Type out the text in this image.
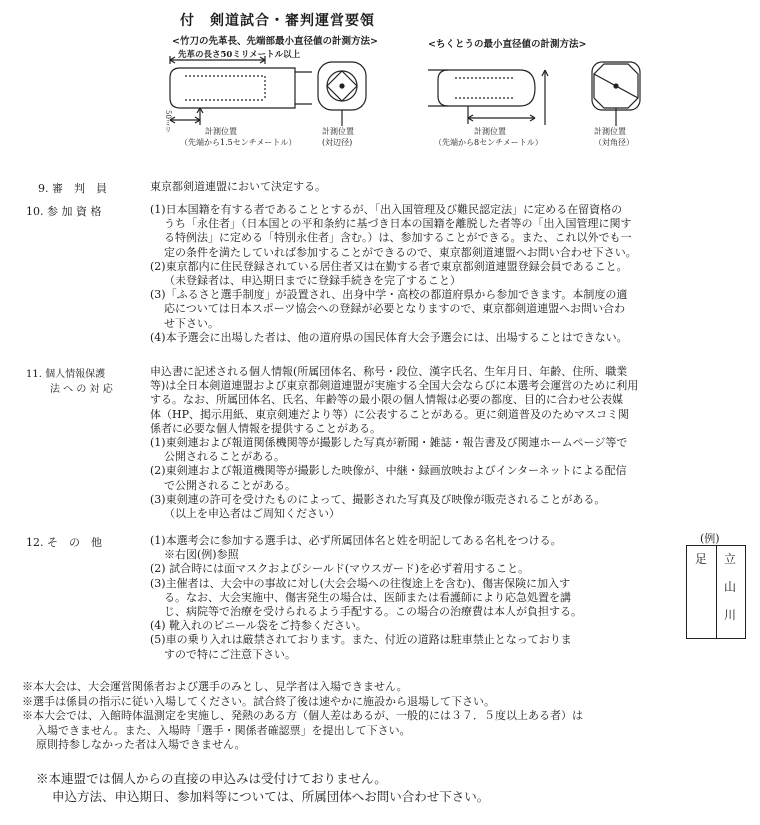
付　剣道試合・審判運営要領
<竹刀の先革長、先端部最小直径値の計測方法>
先革の長さ50ミリメートル以上
50ミリ	計測位置
（先端から1.5センチメートル）
計測位置
(対辺径)
<ちくとうの最小直径値の計測方法>
計測位置
（先端から8センチメートル）
計測位置
（対角径）
9. 審　判　員	東京都剣道連盟において決定する。
10. 参 加 資 格	(1)日本国籍を有する者であることとするが、「出入国管理及び難民認定法」に定める在留資格の
うち「永住者」（日本国との平和条約に基づき日本の国籍を離脱した者等の「出入国管理に関す
る特例法」に定める「特別永住者」含む。）は、参加することができる。また、これ以外でも一
定の条件を満たしていれば参加することができるので、東京都剣道連盟へお問い合わせ下さい。
(2)東京都内に住民登録されている居住者又は在勤する者で東京都剣道連盟登録会員であること。
（未登録者は、申込期日までに登録手続きを完了すること）
(3)「ふるさと選手制度」が設置され、出身中学・高校の都道府県から参加できます。本制度の適
応については日本スポーツ協会への登録が必要となりますので、東京都剣道連盟へお問い合わ
せ下さい。
(4)本予選会に出場した者は、他の道府県の国民体育大会予選会には、出場することはできない。
11. 個人情報保護
法 へ の 対 応
申込書に記述される個人情報(所属団体名、称号・段位、漢字氏名、生年月日、年齢、住所、職業
等)は全日本剣道連盟および東京都剣道連盟が実施する全国大会ならびに本選考会運営のために利用
する。なお、所属団体名、氏名、年齢等の最小限の個人情報は必要の都度、目的に合わせ公表媒
体（HP、掲示用紙、東京剣連だより等）に公表することがある。更に剣道普及のためマスコミ関
係者に必要な個人情報を提供することがある。
(1)東剣連および報道関係機関等が撮影した写真が新聞・雑誌・報告書及び関連ホームページ等で
公開されることがある。
(2)東剣連および報道機関等が撮影した映像が、中継・録画放映およびインターネットによる配信
で公開されることがある。
(3)東剣連の許可を受けたものによって、撮影された写真及び映像が販売されることがある。
（以上を申込者はご周知ください）
12. そ　の　他	(1)本選考会に参加する選手は、必ず所属団体名と姓を明記してある名札をつける。
※右図(例)参照
(2) 試合時には面マスクおよびシールド(マウスガード)を必ず着用すること。
(3)主催者は、大会中の事故に対し(大会会場への往復途上を含む)、傷害保険に加入す
る。なお、大会実施中、傷害発生の場合は、医師または看護師により応急処置を講
じ、病院等で治療を受けられるよう手配する。この場合の治療費は本人が負担する。
(4) 靴入れのビニール袋をご持参ください。
(5)車の乗り入れは厳禁されております。また、付近の道路は駐車禁止となっておりま
すので特にご注意下さい。
(例)
足 立
山
川
※本大会は、大会運営関係者および選手のみとし、見学者は入場できません。
※選手は係員の指示に従い入場してください。試合終了後は速やかに施設から退場して下さい。
※本大会では、入館時体温測定を実施し、発熱のある方（個人差はあるが、一般的には３７．５度以上ある者）は
入場できません。また、入場時「選手・関係者確認票」を提出して下さい。
原則持参しなかった者は入場できません。
※本連盟では個人からの直接の申込みは受付けておりません。
申込方法、申込期日、参加料等については、所属団体へお問い合わせ下さい。
